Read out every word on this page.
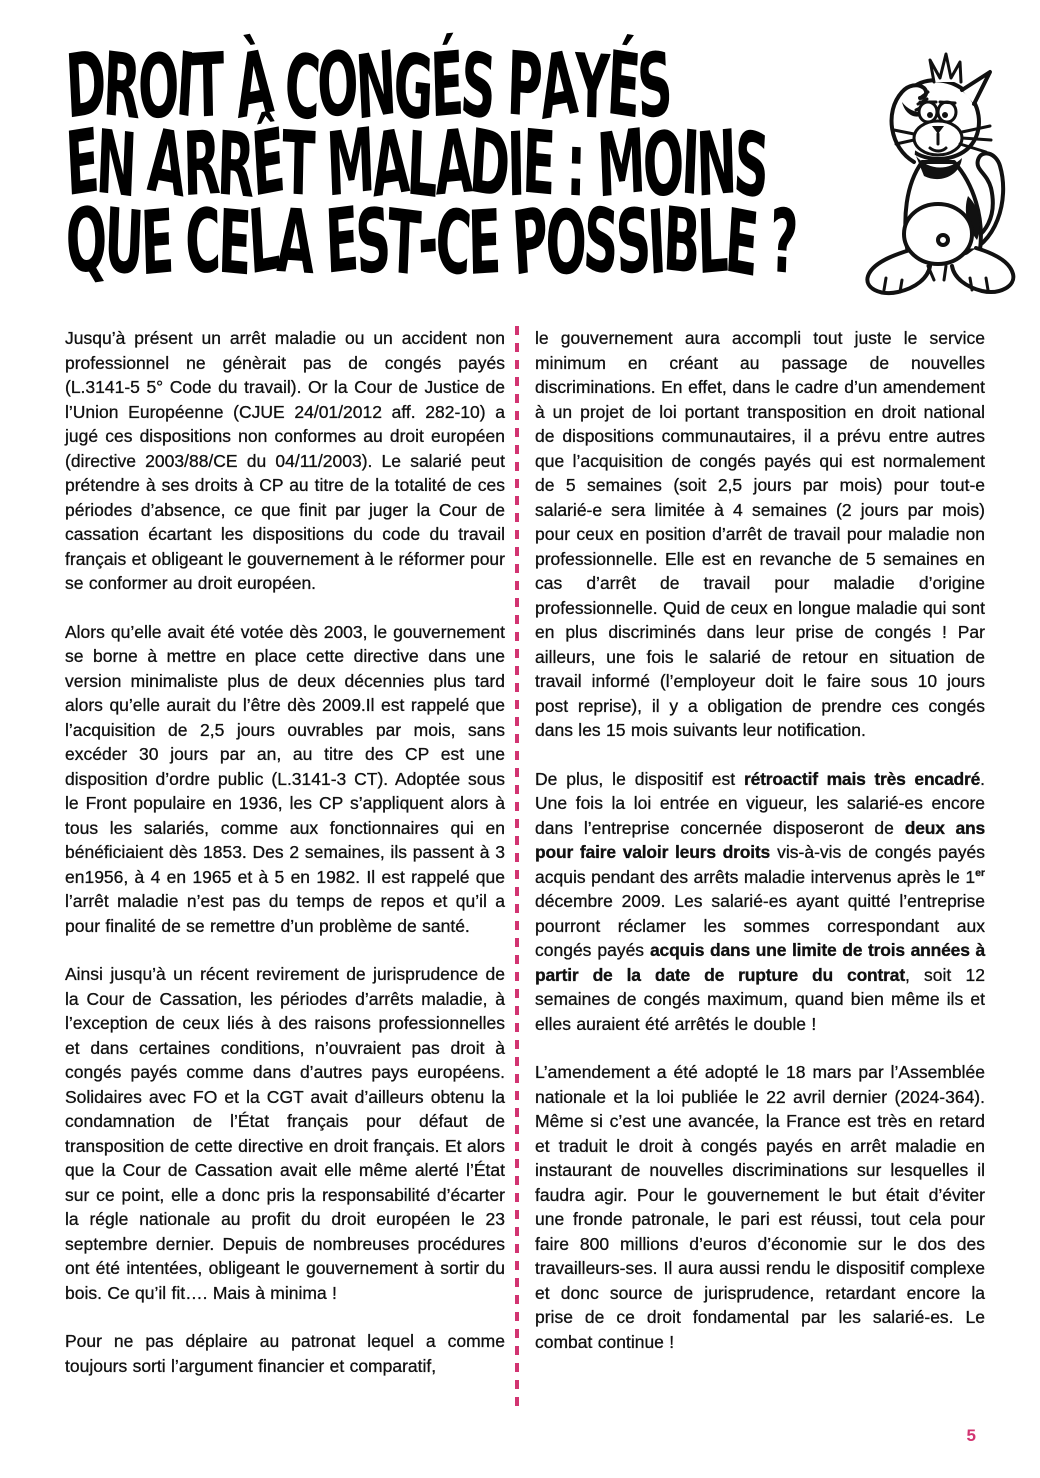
DROIT À CONGÉS PAYÉS
EN ARRÊT MALADIE : MOINS
QUE CELA EST-CE POSSIBLE ?

Jusqu’à présent un arrêt maladie ou un accident non professionnel ne génèrait pas de congés payés (L.3141-5 5° Code du travail). Or la Cour de Justice de l’Union Européenne (CJUE 24/01/2012 aff. 282-10) a jugé ces dispositions non conformes au droit européen (directive 2003/88/CE du 04/11/2003). Le salarié peut prétendre à ses droits à CP au titre de la totalité de ces périodes d’absence, ce que finit par juger la Cour de cassation écartant les dispositions du code du travail français et obligeant le gouvernement à le réformer pour se conformer au droit européen.

Alors qu’elle avait été votée dès 2003, le gouvernement se borne à mettre en place cette directive dans une version minimaliste plus de deux décennies plus tard alors qu’elle aurait du l’être dès 2009.Il est rappelé que l’acquisition de 2,5 jours ouvrables par mois, sans excéder 30 jours par an, au titre des CP est une disposition d’ordre public (L.3141-3 CT). Adoptée sous le Front populaire en 1936, les CP s’appliquent alors à tous les salariés, comme aux fonctionnaires qui en bénéficiaient dès 1853. Des 2 semaines, ils passent à 3 en1956, à 4 en 1965 et à 5 en 1982. Il est rappelé que l’arrêt maladie n’est pas du temps de repos et qu’il a pour finalité de se remettre d’un problème de santé.

Ainsi jusqu’à un récent revirement de jurisprudence de la Cour de Cassation, les périodes d’arrêts maladie, à l’exception de ceux liés à des raisons professionnelles et dans certaines conditions, n’ouvraient pas droit à congés payés comme dans d’autres pays européens. Solidaires avec FO et la CGT avait d’ailleurs obtenu la condamnation de l’État français pour défaut de transposition de cette directive en droit français. Et alors que la Cour de Cassation avait elle même alerté l’État sur ce point, elle a donc pris la responsabilité d’écarter la régle nationale au profit du droit européen le 23 septembre dernier. Depuis de nombreuses procédures ont été intentées, obligeant le gouvernement à sortir du bois. Ce qu’il fit…. Mais à minima !

Pour ne pas déplaire au patronat lequel a comme toujours sorti l’argument financier et comparatif,

le gouvernement aura accompli tout juste le service minimum en créant au passage de nouvelles discriminations. En effet, dans le cadre d’un amendement à un projet de loi portant transposition en droit national de dispositions communautaires, il a prévu entre autres que l’acquisition de congés payés qui est normalement de 5 semaines (soit 2,5 jours par mois) pour tout-e salarié-e sera limitée à 4 semaines (2 jours par mois) pour ceux en position d’arrêt de travail pour maladie non professionnelle. Elle est en revanche de 5 semaines en cas d’arrêt de travail pour maladie d’origine professionnelle. Quid de ceux en longue maladie qui sont en plus discriminés dans leur prise de congés ! Par ailleurs, une fois le salarié de retour en situation de travail informé (l’employeur doit le faire sous 10 jours post reprise), il y a obligation de prendre ces congés dans les 15 mois suivants leur notification.

De plus, le dispositif est rétroactif mais très encadré. Une fois la loi entrée en vigueur, les salarié-es encore dans l’entreprise concernée disposeront de deux ans pour faire valoir leurs droits vis-à-vis de congés payés acquis pendant des arrêts maladie intervenus après le 1er décembre 2009. Les salarié-es ayant quitté l’entreprise pourront réclamer les sommes correspondant aux congés payés acquis dans une limite de trois années à partir de la date de rupture du contrat, soit 12 semaines de congés maximum, quand bien même ils et elles auraient été arrêtés le double !

L’amendement a été adopté le 18 mars par l’Assemblée nationale et la loi publiée le 22 avril dernier (2024-364). Même si c’est une avancée, la France est très en retard et traduit le droit à congés payés en arrêt maladie en instaurant de nouvelles discriminations sur lesquelles il faudra agir. Pour le gouvernement le but était d’éviter une fronde patronale, le pari est réussi, tout cela pour faire 800 millions d’euros d’économie sur le dos des travailleurs-ses. Il aura aussi rendu le dispositif complexe et donc source de jurisprudence, retardant encore la prise de ce droit fondamental par les salarié-es. Le combat continue !

5
